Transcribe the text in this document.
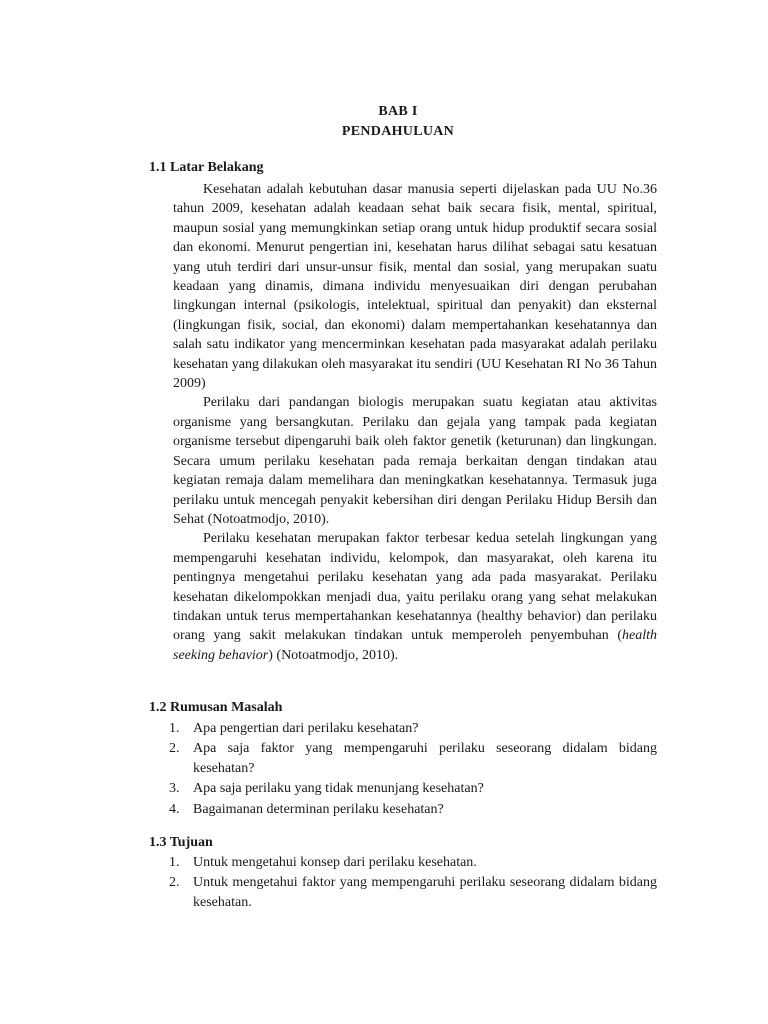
BAB I
PENDAHULUAN
1.1 Latar Belakang

Kesehatan adalah kebutuhan dasar manusia seperti dijelaskan pada UU No.36 tahun 2009, kesehatan adalah keadaan sehat baik secara fisik, mental, spiritual, maupun sosial yang memungkinkan setiap orang untuk hidup produktif secara sosial dan ekonomi. Menurut pengertian ini, kesehatan harus dilihat sebagai satu kesatuan yang utuh terdiri dari unsur-unsur fisik, mental dan sosial, yang merupakan suatu keadaan yang dinamis, dimana individu menyesuaikan diri dengan perubahan lingkungan internal (psikologis, intelektual, spiritual dan penyakit) dan eksternal (lingkungan fisik, social, dan ekonomi) dalam mempertahankan kesehatannya dan salah satu indikator yang mencerminkan kesehatan pada masyarakat adalah perilaku kesehatan yang dilakukan oleh masyarakat itu sendiri (UU Kesehatan RI No 36 Tahun 2009)

Perilaku dari pandangan biologis merupakan suatu kegiatan atau aktivitas organisme yang bersangkutan. Perilaku dan gejala yang tampak pada kegiatan organisme tersebut dipengaruhi baik oleh faktor genetik (keturunan) dan lingkungan. Secara umum perilaku kesehatan pada remaja berkaitan dengan tindakan atau kegiatan remaja dalam memelihara dan meningkatkan kesehatannya. Termasuk juga perilaku untuk mencegah penyakit kebersihan diri dengan Perilaku Hidup Bersih dan Sehat (Notoatmodjo, 2010).

Perilaku kesehatan merupakan faktor terbesar kedua setelah lingkungan yang mempengaruhi kesehatan individu, kelompok, dan masyarakat, oleh karena itu pentingnya mengetahui perilaku kesehatan yang ada pada masyarakat. Perilaku kesehatan dikelompokkan menjadi dua, yaitu perilaku orang yang sehat melakukan tindakan untuk terus mempertahankan kesehatannya (healthy behavior) dan perilaku orang yang sakit melakukan tindakan untuk memperoleh penyembuhan (health seeking behavior) (Notoatmodjo, 2010).

1.2 Rumusan Masalah
1. Apa pengertian dari perilaku kesehatan?
2. Apa saja faktor yang mempengaruhi perilaku seseorang didalam bidang kesehatan?
3. Apa saja perilaku yang tidak menunjang kesehatan?
4. Bagaimanan determinan perilaku kesehatan?
1.3 Tujuan
1. Untuk mengetahui konsep dari perilaku kesehatan.
2. Untuk mengetahui faktor yang mempengaruhi perilaku seseorang didalam bidang kesehatan.
